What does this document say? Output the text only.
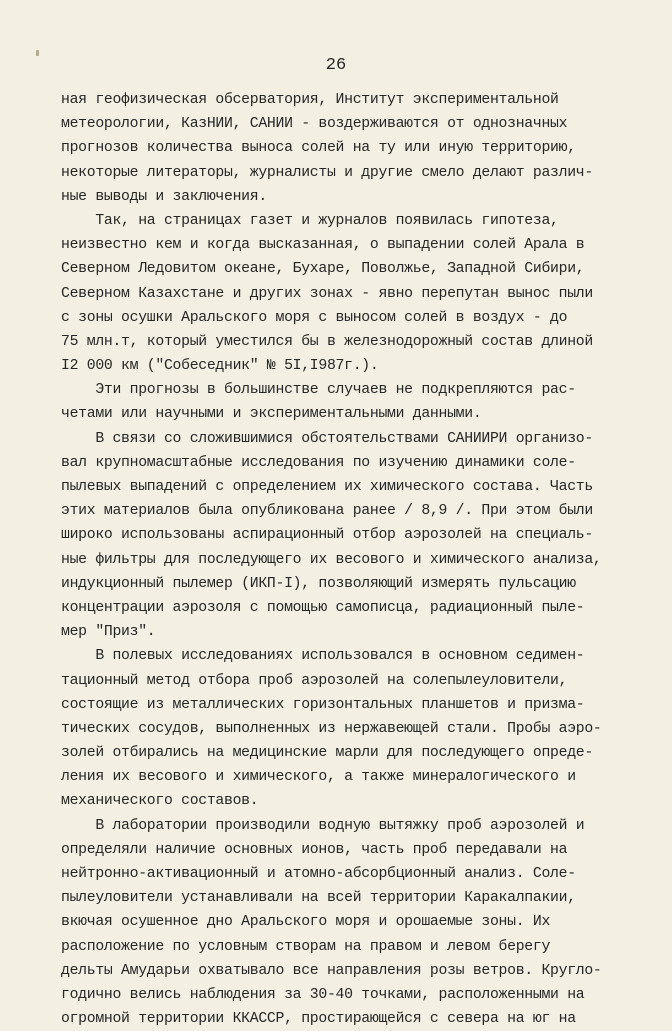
26
ная геофизическая обсерватория, Институт экспериментальной
метеорологии, КазНИИ, САНИИ - воздерживаются от однозначных
прогнозов количества выноса солей на ту или иную территорию,
некоторые литераторы, журналисты и другие смело делают различ-
ные выводы и заключения.
Так, на страницах газет и журналов появилась гипотеза,
неизвестно кем и когда высказанная, о выпадении солей Арала в
Северном Ледовитом океане, Бухаре, Поволжье, Западной Сибири,
Северном Казахстане и других зонах - явно перепутан вынос пыли
с зоны осушки Аральского моря с выносом солей в воздух - до
75 млн.т, который уместился бы в железнодорожный состав длиной
I2 000 км ("Собеседник" № 5I,I987г.).
Эти прогнозы в большинстве случаев не подкрепляются рас-
четами или научными и экспериментальными данными.
В связи со сложившимися обстоятельствами САНИИРИ организо-
вал крупномасштабные исследования по изучению динамики соле-
пылевых выпадений с определением их химического состава. Часть
этих материалов была опубликована ранее / 8,9 /. При этом были
широко использованы аспирационный отбор аэрозолей на специаль-
ные фильтры для последующего их весового и химического анализа,
индукционный пылемер (ИКП-I), позволяющий измерять пульсацию
концентрации аэрозоля с помощью самописца, радиационный пыле-
мер "Приз".
В полевых исследованиях использовался в основном седимен-
тационный метод отбора проб аэрозолей на солепылеуловители,
состоящие из металлических горизонтальных планшетов и призма-
тических сосудов, выполненных из нержавеющей стали. Пробы аэро-
золей отбирались на медицинские марли для последующего опреде-
ления их весового и химического, а также минералогического и
механического составов.
В лаборатории производили водную вытяжку проб аэрозолей и
определяли наличие основных ионов, часть проб передавали на
нейтронно-активационный и атомно-абсорбционный анализ. Соле-
пылеуловители устанавливали на всей территории Каракалпакии,
вкючая осушенное дно Аральского моря и орошаемые зоны. Их
расположение по условным створам на правом и левом берегу
дельты Амударьи охватывало все направления розы ветров. Кругло-
годично велись наблюдения за 30-40 точками, расположенными на
огромной территории ККАССР, простирающейся с севера на юг на
